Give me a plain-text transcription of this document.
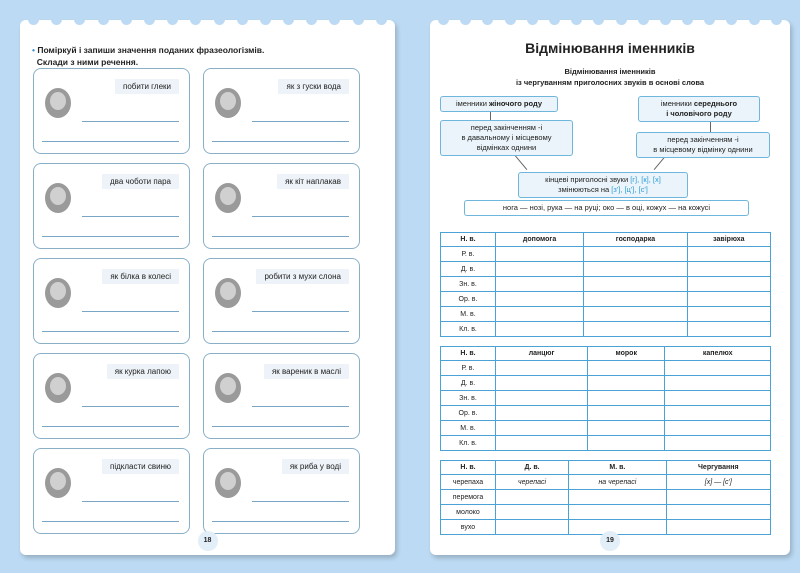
• Поміркуй і запиши значення поданих фразеологізмів.
Склади з ними речення.
побити глеки	як з гуски вода
два чоботи пара	як кіт наплакав
як білка в колесі	робити з мухи слона
як курка лапою	як вареник в маслі
підкласти свиню	як риба у воді
18
Відмінювання іменників
Відмінювання іменників
із чергуванням приголосних звуків в основі слова
іменники жіночого роду	іменники середнього
і чоловічого роду
перед закінченням -і
в давальному і місцевому
відмінках однини
перед закінченням -і
в місцевому відмінку однини
кінцеві приголосні звуки [г], [к], [х]
змінюються на [з'], [ц'], [с']
нога — нозі, рука — на руці; око — в оці, кожух — на кожусі
Н. в.	допомога	господарка	завірюха
Р. в.			
Д. в.			
Зн. в.			
Ор. в.			
М. в.			
Кл. в.			
Н. в.	ланцюг	морок	капелюх
Р. в.			
Д. в.			
Зн. в.			
Ор. в.			
М. в.			
Кл. в.			
Н. в.	Д. в.	М. в.	Чергування
черепаха	черепасі	на черепасі	[х] — [с']
перемога			
молоко			
вухо			
19
